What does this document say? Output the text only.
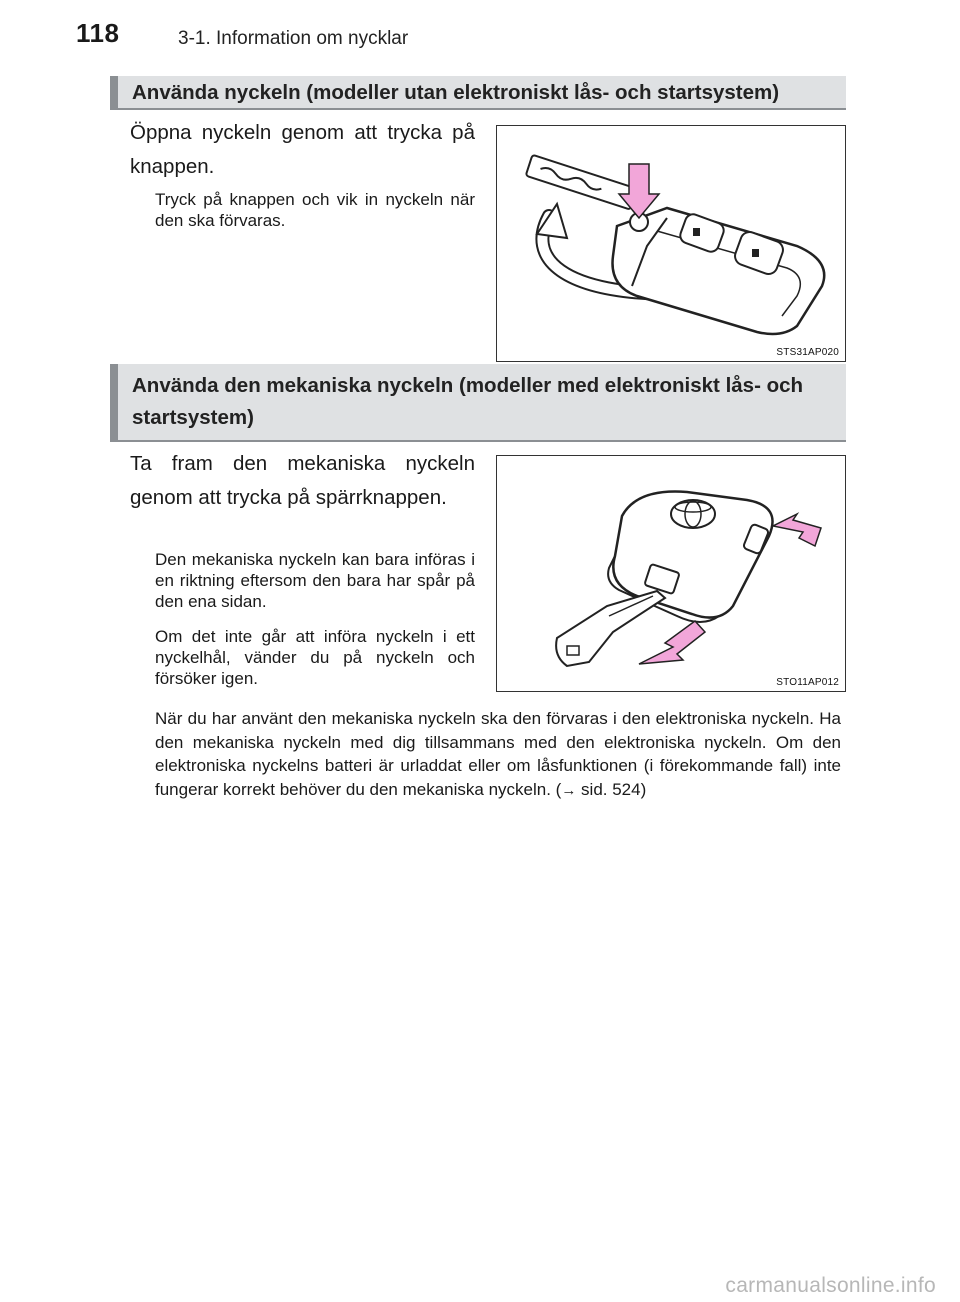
118	3-1. Information om nycklar
Använda nyckeln (modeller utan elektroniskt lås- och startsystem)
Öppna nyckeln genom att trycka på knappen.
Tryck på knappen och vik in nyckeln när den ska förvaras.
STS31AP020
Använda den mekaniska nyckeln (modeller med elektroniskt lås- och startsystem)
Ta fram den mekaniska nyckeln genom att trycka på spärrknappen.
Den mekaniska nyckeln kan bara införas i en riktning eftersom den bara har spår på den ena sidan.
Om det inte går att införa nyckeln i ett nyckelhål, vänder du på nyckeln och försöker igen.	STO11AP012
När du har använt den mekaniska nyckeln ska den förvaras i den elektroniska nyckeln. Ha den mekaniska nyckeln med dig tillsammans med den elektroniska nyckeln. Om den elektroniska nyckelns batteri är urladdat eller om låsfunktionen (i förekommande fall) inte fungerar korrekt behöver du den mekaniska nyckeln. (→ sid. 524)
carmanualsonline.info
